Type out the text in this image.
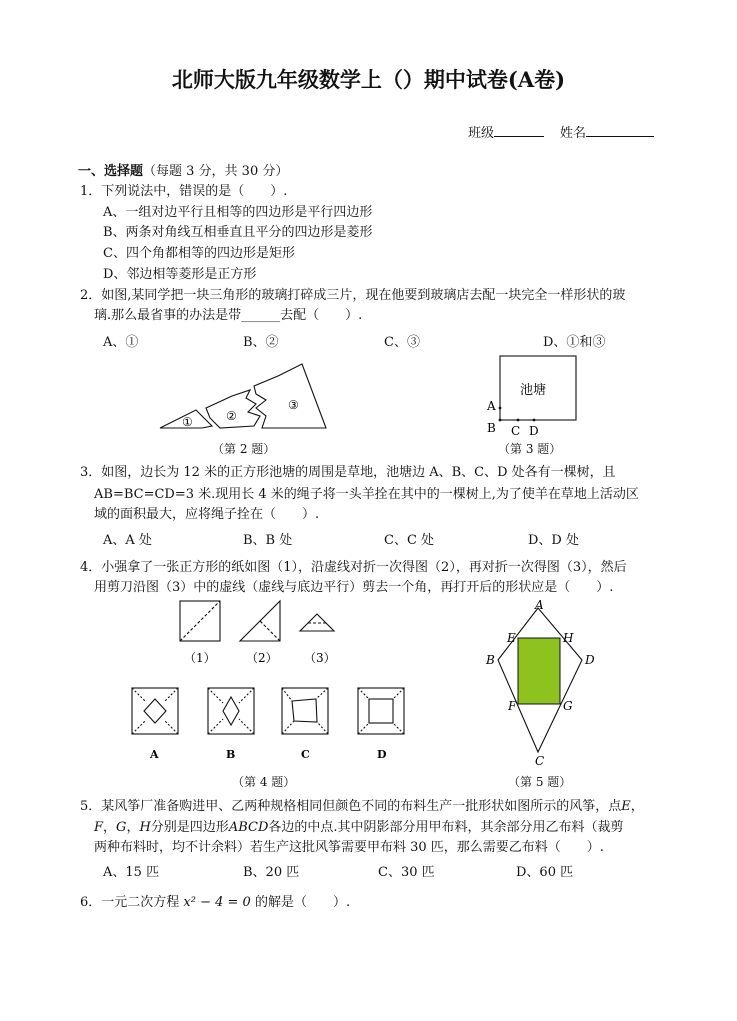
北师大版九年级数学上（）期中试卷(A卷)
班级	姓名
一、选择题（每题 3 分，共 30 分）
1．下列说法中，错误的是（　　）.
A、一组对边平行且相等的四边形是平行四边形
B、两条对角线互相垂直且平分的四边形是菱形
C、四个角都相等的四边形是矩形
D、邻边相等菱形是正方形
2．如图,某同学把一块三角形的玻璃打碎成三片，现在他要到玻璃店去配一块完全一样形状的玻
璃.那么最省事的办法是带______去配（　　）.
A、①	B、②	C、③	D、①和③
①	②
③
（第 2 题）
池塘
A
B C D
（第 3 题）
3．如图，边长为 12 米的正方形池塘的周围是草地，池塘边 A、B、C、D 处各有一棵树，且
AB=BC=CD=3 米.现用长 4 米的绳子将一头羊拴在其中的一棵树上,为了使羊在草地上活动区
域的面积最大，应将绳子拴在（　　）.
A、A 处	B、B 处	C、C 处	D、D 处
4．小强拿了一张正方形的纸如图（1），沿虚线对折一次得图（2），再对折一次得图（3），然后
用剪刀沿图（3）中的虚线（虚线与底边平行）剪去一个角，再打开后的形状应是（　　）.
（1）	（2） （3）
A	B	C	D
（第 4 题）
A
E	H
B	D
F	G
C
（第 5 题）
5．某风筝厂准备购进甲、乙两种规格相同但颜色不同的布料生产一批形状如图所示的风筝，点E，
F，G，H分别是四边形ABCD各边的中点.其中阴影部分用甲布料，其余部分用乙布料（裁剪
两种布料时，均不计余料）若生产这批风筝需要甲布料 30 匹，那么需要乙布料（　　）.
A、15 匹	B、20 匹	C、30 匹	D、60 匹
6．一元二次方程 x² − 4 = 0 的解是（　　）.
